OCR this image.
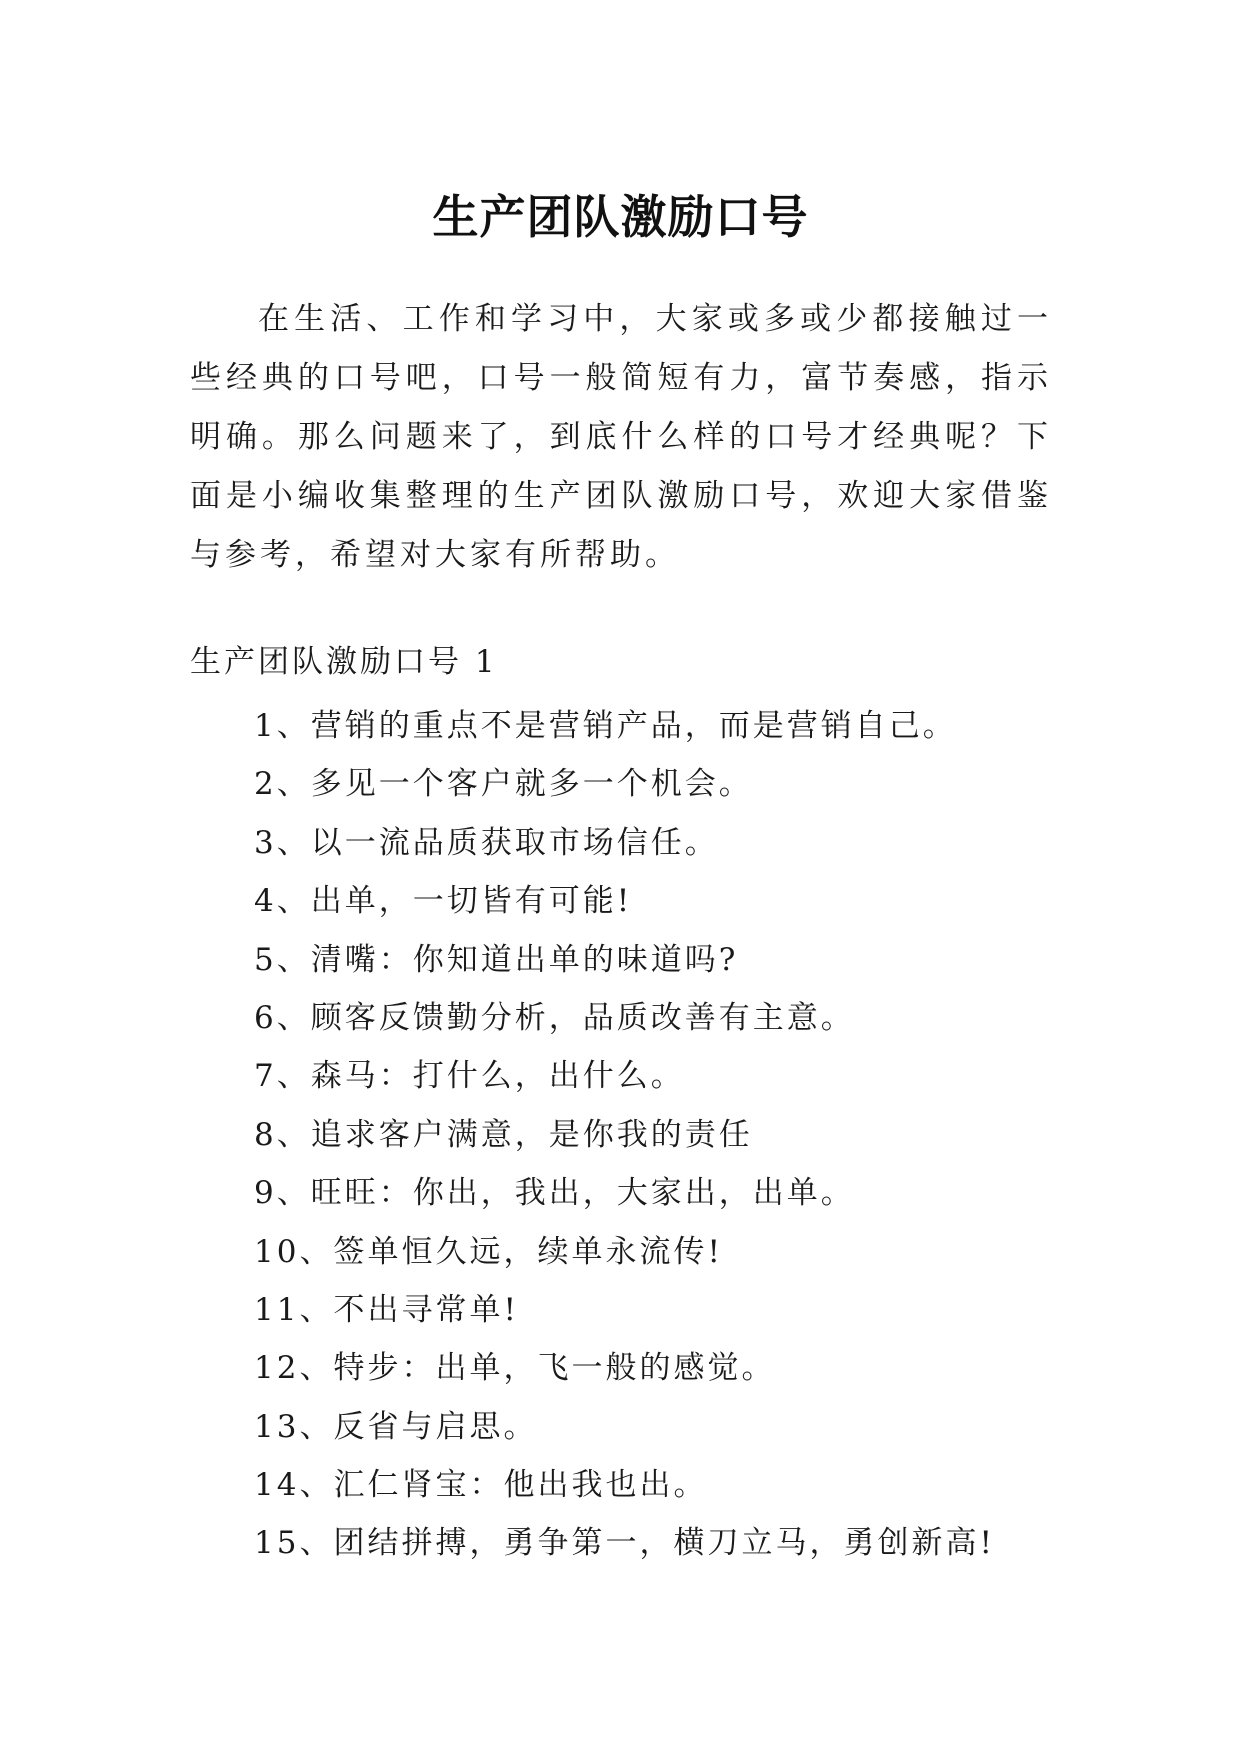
生产团队激励口号

在生活、工作和学习中，大家或多或少都接触过一些经典的口号吧，口号一般简短有力，富节奏感，指示明确。那么问题来了，到底什么样的口号才经典呢？下面是小编收集整理的生产团队激励口号，欢迎大家借鉴与参考，希望对大家有所帮助。

生产团队激励口号 1
1、营销的重点不是营销产品，而是营销自己。
2、多见一个客户就多一个机会。
3、以一流品质获取市场信任。
4、出单，一切皆有可能!
5、清嘴：你知道出单的味道吗?
6、顾客反馈勤分析，品质改善有主意。
7、森马：打什么，出什么。
8、追求客户满意，是你我的责任
9、旺旺：你出，我出，大家出，出单。
10、签单恒久远，续单永流传!
11、不出寻常单!
12、特步：出单，飞一般的感觉。
13、反省与启思。
14、汇仁肾宝：他出我也出。
15、团结拼搏，勇争第一，横刀立马，勇创新高!
